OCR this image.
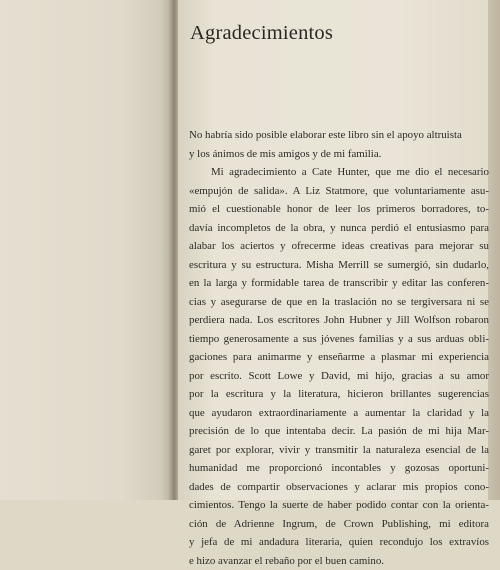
Agradecimientos
No habría sido posible elaborar este libro sin el apoyo altruista
y los ánimos de mis amigos y de mi familia.
Mi agradecimiento a Cate Hunter, que me dio el necesario
«empujón de salida». A Liz Statmore, que voluntariamente asu-
mió el cuestionable honor de leer los primeros borradores, to-
davía incompletos de la obra, y nunca perdió el entusiasmo para
alabar los aciertos y ofrecerme ideas creativas para mejorar su
escritura y su estructura. Misha Merrill se sumergió, sin dudarlo,
en la larga y formidable tarea de transcribir y editar las conferen-
cias y asegurarse de que en la traslación no se tergiversara ni se
perdiera nada. Los escritores John Hubner y Jill Wolfson robaron
tiempo generosamente a sus jóvenes familias y a sus arduas obli-
gaciones para animarme y enseñarme a plasmar mi experiencia
por escrito. Scott Lowe y David, mi hijo, gracias a su amor
por la escritura y la literatura, hicieron brillantes sugerencias
que ayudaron extraordinariamente a aumentar la claridad y la
precisión de lo que intentaba decir. La pasión de mi hija Mar-
garet por explorar, vivir y transmitir la naturaleza esencial de la
humanidad me proporcionó incontables y gozosas oportuni-
dades de compartir observaciones y aclarar mis propios cono-
cimientos. Tengo la suerte de haber podido contar con la orienta-
ción de Adrienne Ingrum, de Crown Publishing, mi editora
y jefa de mi andadura literaria, quien recondujo los extravíos
e hizo avanzar el rebaño por el buen camino.
